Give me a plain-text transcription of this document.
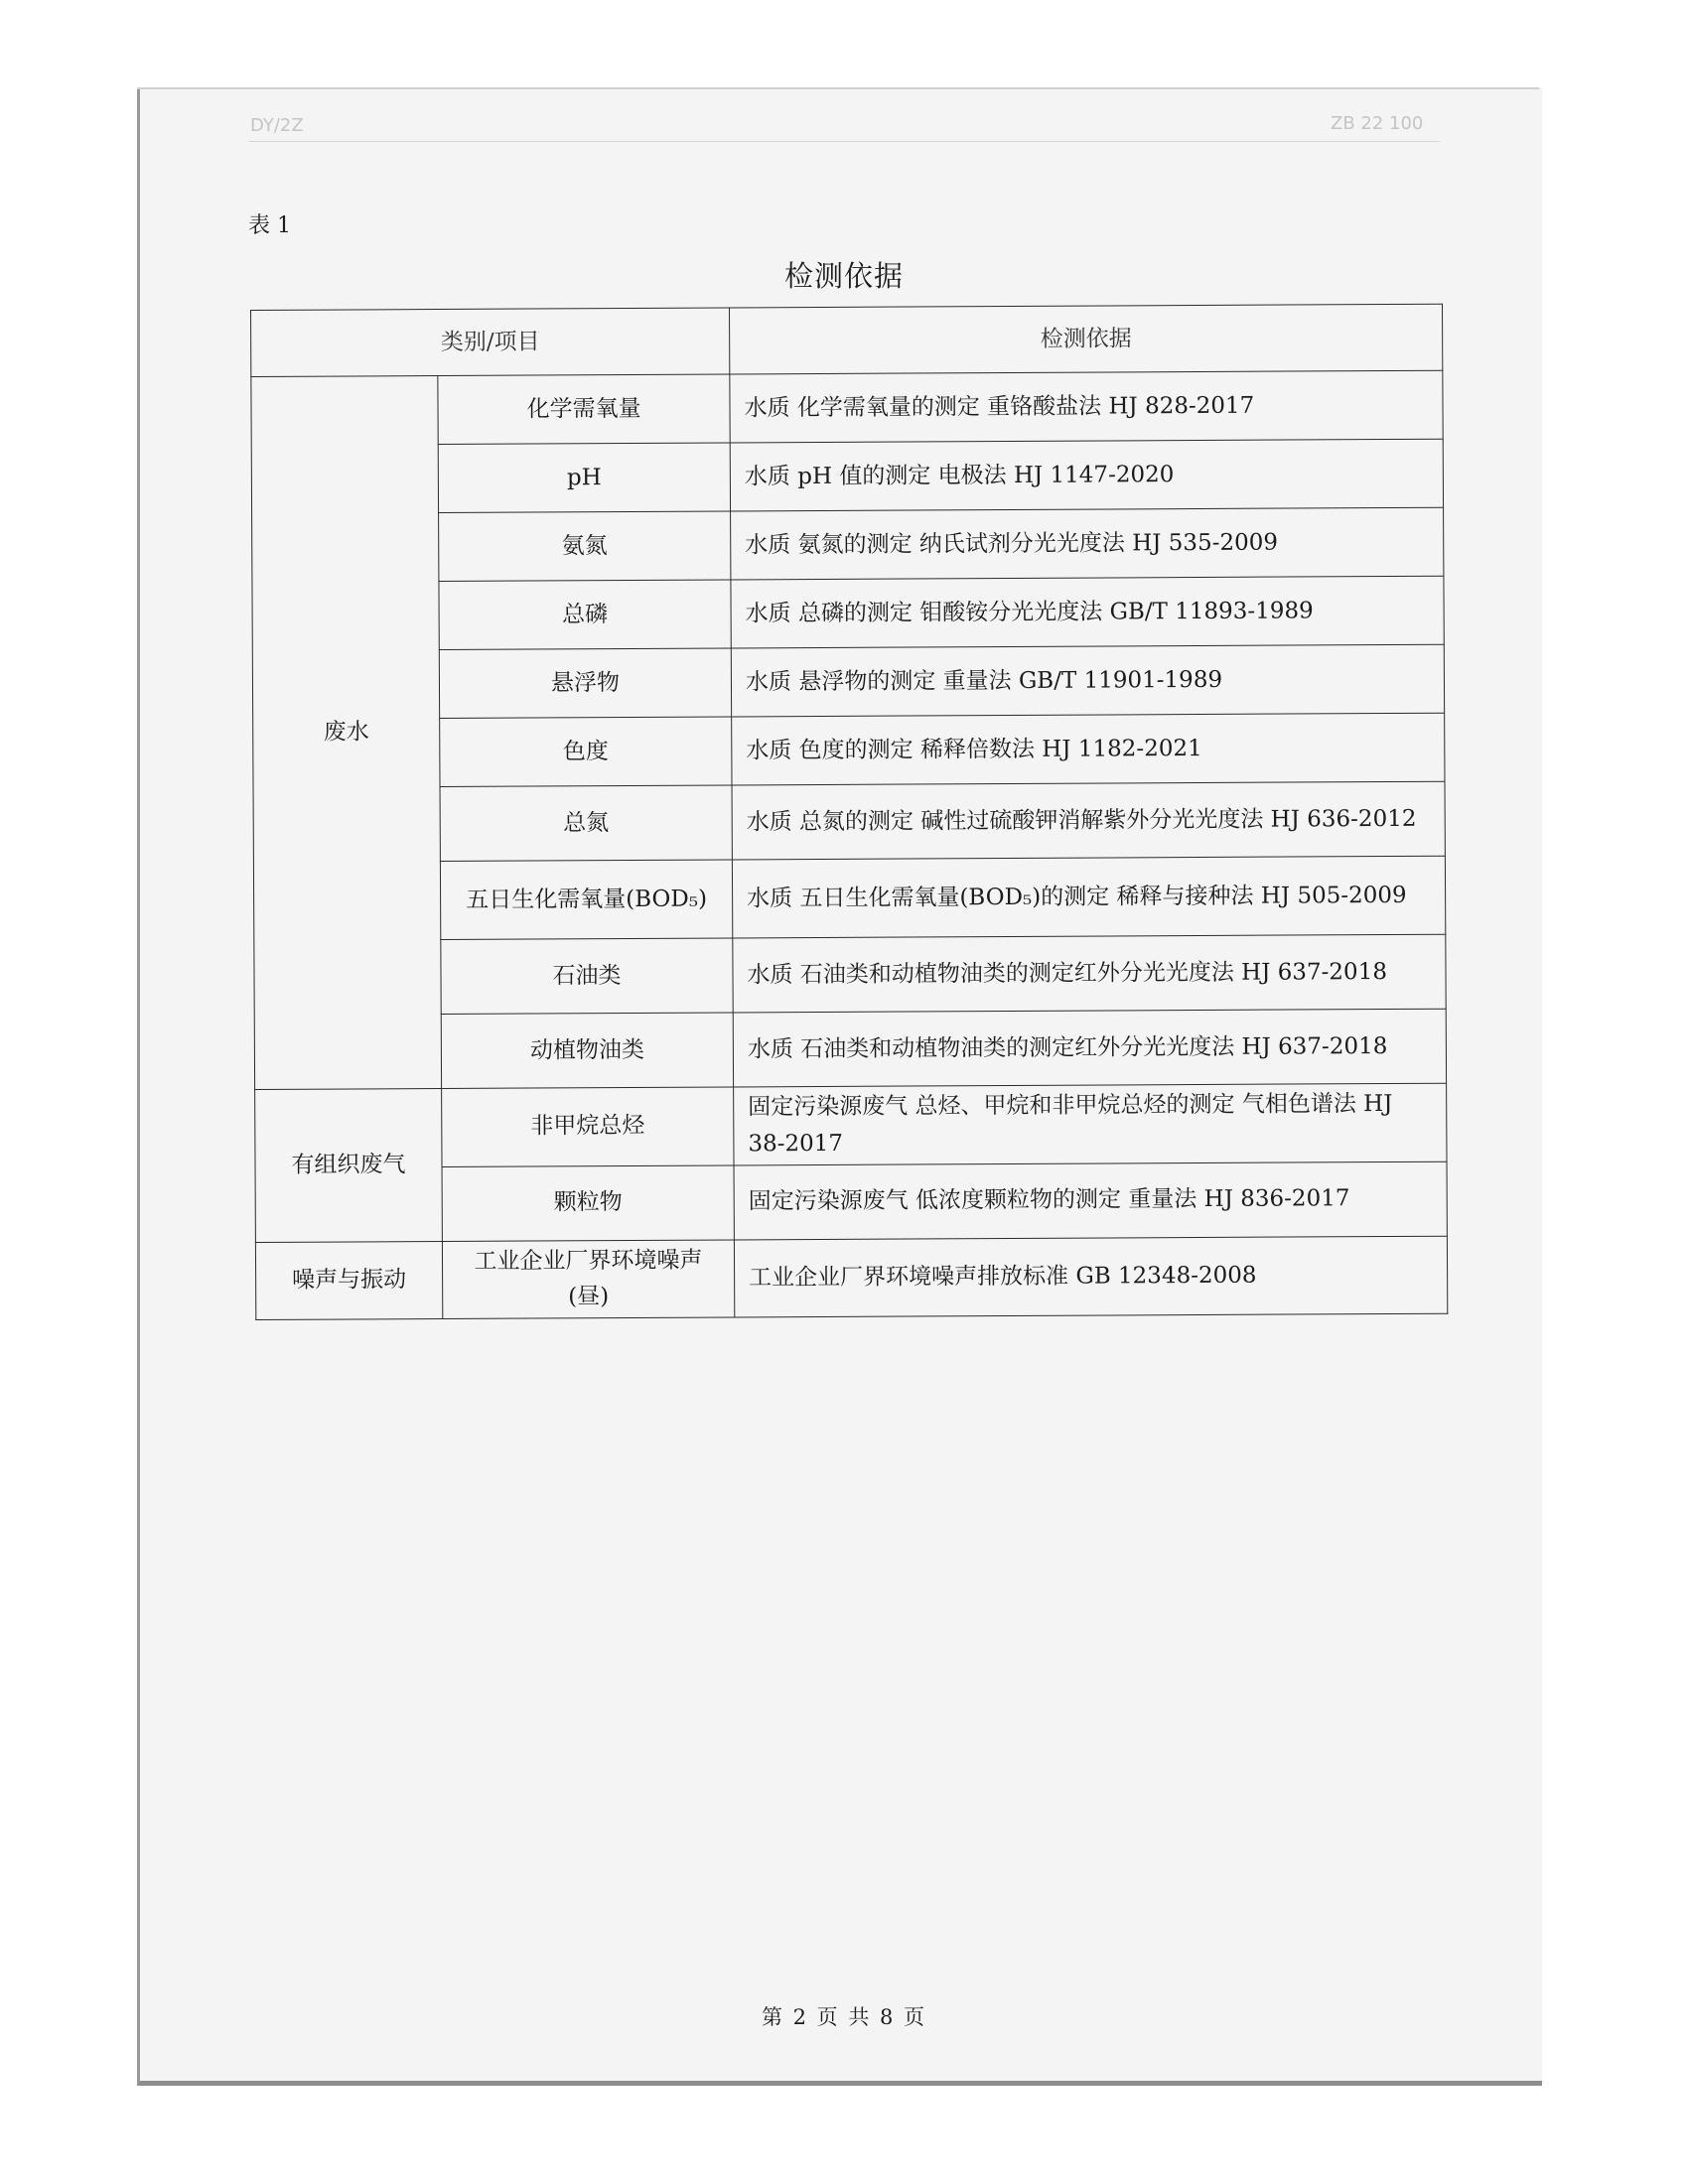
DY/2Z	ZB 22 100
表 1
检测依据
类别/项目		检测依据
废水	化学需氧量	水质 化学需氧量的测定 重铬酸盐法 HJ 828-2017
	pH	水质 pH 值的测定 电极法 HJ 1147-2020
	氨氮	水质 氨氮的测定 纳氏试剂分光光度法 HJ 535-2009
	总磷	水质 总磷的测定 钼酸铵分光光度法 GB/T 11893-1989
	悬浮物	水质 悬浮物的测定 重量法 GB/T 11901-1989
	色度	水质 色度的测定 稀释倍数法 HJ 1182-2021
	总氮	水质 总氮的测定 碱性过硫酸钾消解紫外分光光度法 HJ 636-2012
	五日生化需氧量(BOD₅)	水质 五日生化需氧量(BOD₅)的测定 稀释与接种法 HJ 505-2009
	石油类	水质 石油类和动植物油类的测定红外分光光度法 HJ 637-2018
	动植物油类	水质 石油类和动植物油类的测定红外分光光度法 HJ 637-2018
有组织废气	非甲烷总烃	固定污染源废气 总烃、甲烷和非甲烷总烃的测定 气相色谱法 HJ 38-2017
	颗粒物	固定污染源废气 低浓度颗粒物的测定 重量法 HJ 836-2017
噪声与振动	工业企业厂界环境噪声(昼)	工业企业厂界环境噪声排放标准 GB 12348-2008
第 2 页 共 8 页
